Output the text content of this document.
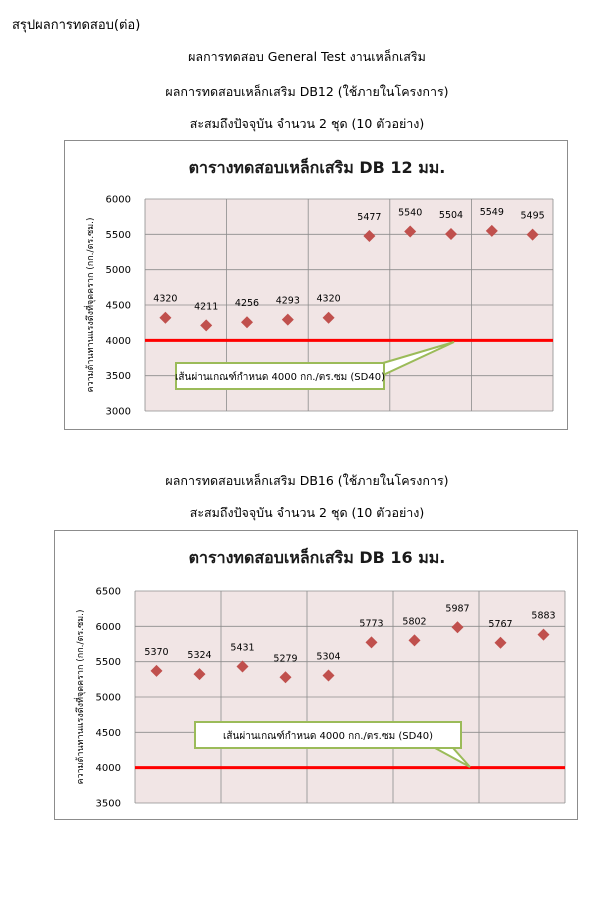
สรุปผลการทดสอบ(ต่อ)
ผลการทดสอบ General Test งานเหล็กเสริม
ผลการทดสอบเหล็กเสริม DB12 (ใช้ภายในโครงการ)
สะสมถึงปัจจุบัน จำนวน 2 ชุด (10 ตัวอย่าง)
ตารางทดสอบเหล็กเสริม DB 12 มม.
3000
3500
4000
4500
5000
5500
6000
ความต้านทานแรงดึงที่จุดคราก (กก./ตร.ซม.)	4320
4211 4256 4293 4320
5477 5540 5504 5549 5495
เส้นผ่านเกณฑ์กำหนด 4000 กก./ตร.ซม (SD40)
ผลการทดสอบเหล็กเสริม DB16 (ใช้ภายในโครงการ)
สะสมถึงปัจจุบัน จำนวน 2 ชุด (10 ตัวอย่าง)
ตารางทดสอบเหล็กเสริม DB 16 มม.
3500
4000
4500
5000
5500
6000
6500
ความต้านทานแรงดึงที่จุดคราก (กก./ตร.ซม.)	5370 5324
5431
5279 5304
5773 5802
5987
5767
5883
เส้นผ่านเกณฑ์กำหนด 4000 กก./ตร.ซม (SD40)
